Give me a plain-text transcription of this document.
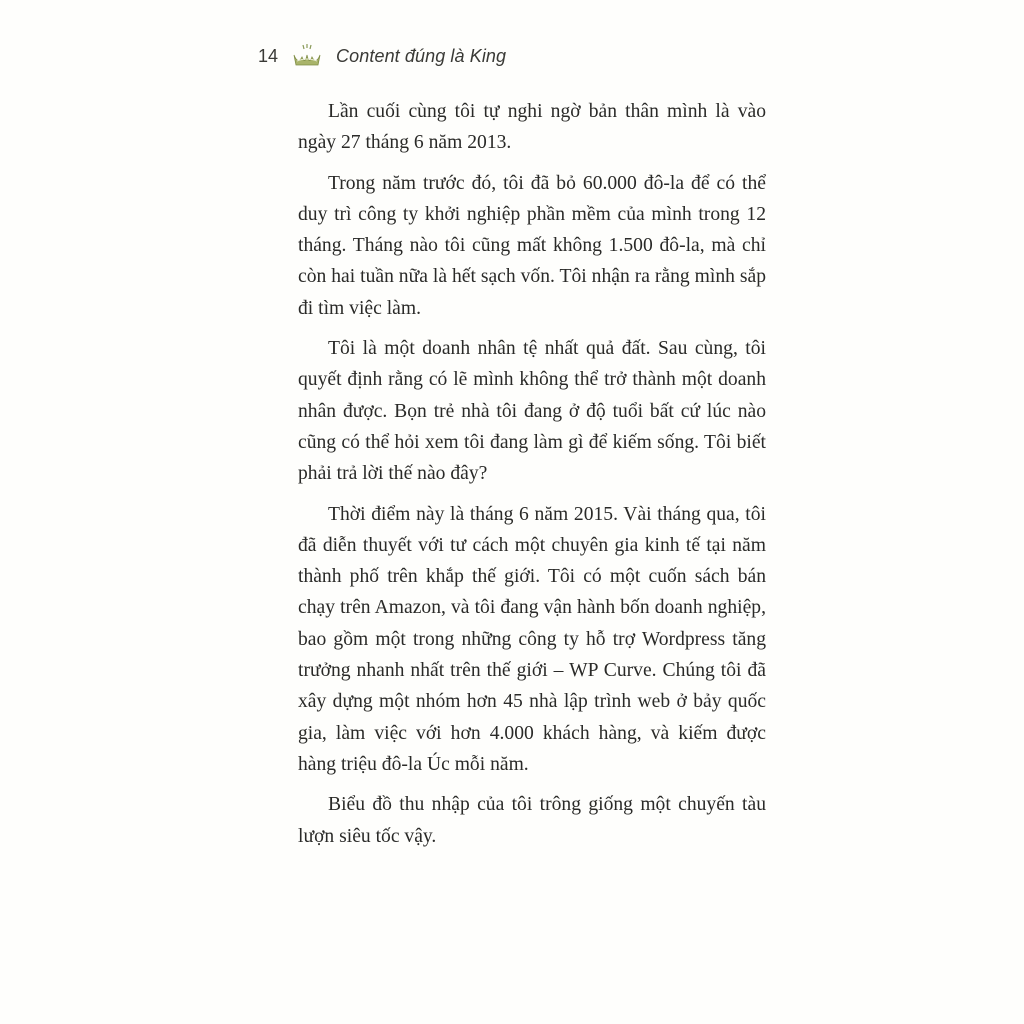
14	Content đúng là King

Lần cuối cùng tôi tự nghi ngờ bản thân mình là vào ngày 27 tháng 6 năm 2013.

Trong năm trước đó, tôi đã bỏ 60.000 đô-la để có thể duy trì công ty khởi nghiệp phần mềm của mình trong 12 tháng. Tháng nào tôi cũng mất không 1.500 đô-la, mà chỉ còn hai tuần nữa là hết sạch vốn. Tôi nhận ra rằng mình sắp đi tìm việc làm.

Tôi là một doanh nhân tệ nhất quả đất. Sau cùng, tôi quyết định rằng có lẽ mình không thể trở thành một doanh nhân được. Bọn trẻ nhà tôi đang ở độ tuổi bất cứ lúc nào cũng có thể hỏi xem tôi đang làm gì để kiếm sống. Tôi biết phải trả lời thế nào đây?

Thời điểm này là tháng 6 năm 2015. Vài tháng qua, tôi đã diễn thuyết với tư cách một chuyên gia kinh tế tại năm thành phố trên khắp thế giới. Tôi có một cuốn sách bán chạy trên Amazon, và tôi đang vận hành bốn doanh nghiệp, bao gồm một trong những công ty hỗ trợ Wordpress tăng trưởng nhanh nhất trên thế giới – WP Curve. Chúng tôi đã xây dựng một nhóm hơn 45 nhà lập trình web ở bảy quốc gia, làm việc với hơn 4.000 khách hàng, và kiếm được hàng triệu đô-la Úc mỗi năm.

Biểu đồ thu nhập của tôi trông giống một chuyến tàu lượn siêu tốc vậy.
